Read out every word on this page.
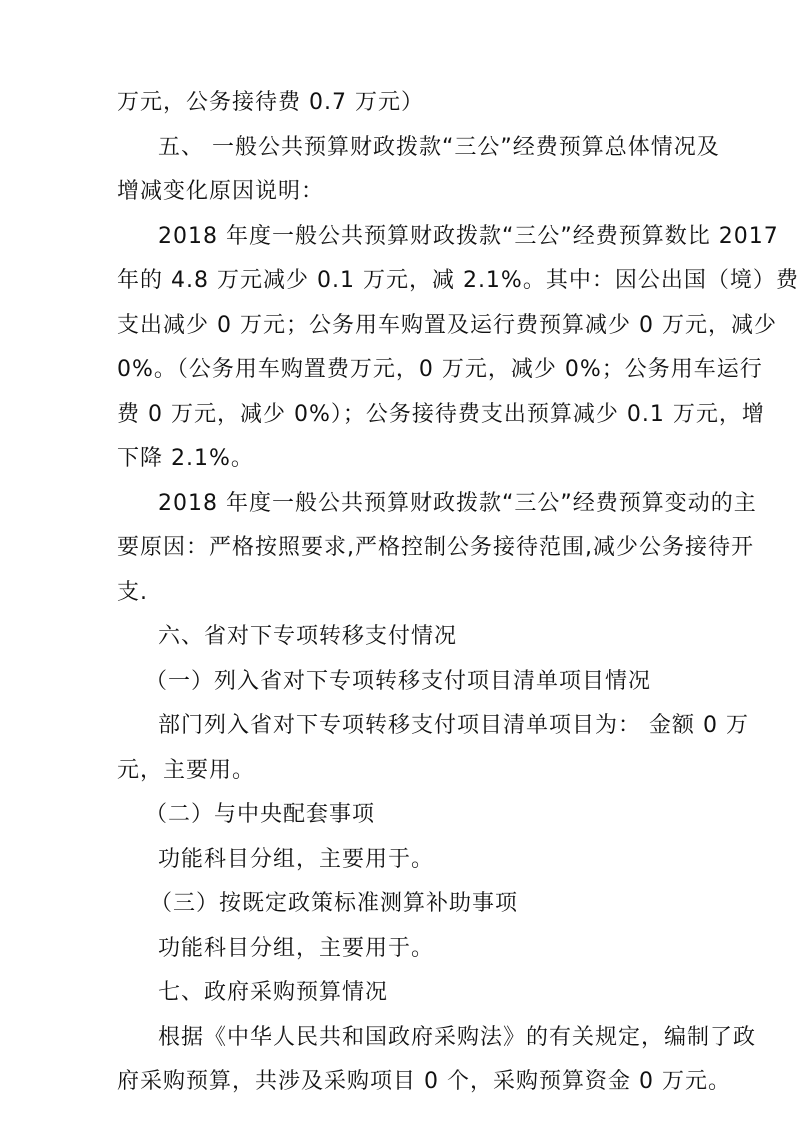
万元，公务接待费 0.7 万元）
五、 一般公共预算财政拨款“三公”经费预算总体情况及
增减变化原因说明：
2018 年度一般公共预算财政拨款“三公”经费预算数比 2017
年的 4.8 万元减少 0.1 万元，减 2.1%。其中：因公出国（境）费
支出减少 0 万元；公务用车购置及运行费预算减少 0 万元，减少
0%。（公务用车购置费万元，0 万元，减少 0%；公务用车运行
费 0 万元，减少 0%）；公务接待费支出预算减少 0.1 万元，增
下降 2.1%。
2018 年度一般公共预算财政拨款“三公”经费预算变动的主
要原因：严格按照要求,严格控制公务接待范围,减少公务接待开
支.
六、省对下专项转移支付情况
（一）列入省对下专项转移支付项目清单项目情况
部门列入省对下专项转移支付项目清单项目为： 金额 0 万
元，主要用。
（二）与中央配套事项
功能科目分组，主要用于。
（三）按既定政策标准测算补助事项
功能科目分组，主要用于。
七、政府采购预算情况
根据《中华人民共和国政府采购法》的有关规定，编制了政
府采购预算，共涉及采购项目 0 个，采购预算资金 0 万元。
